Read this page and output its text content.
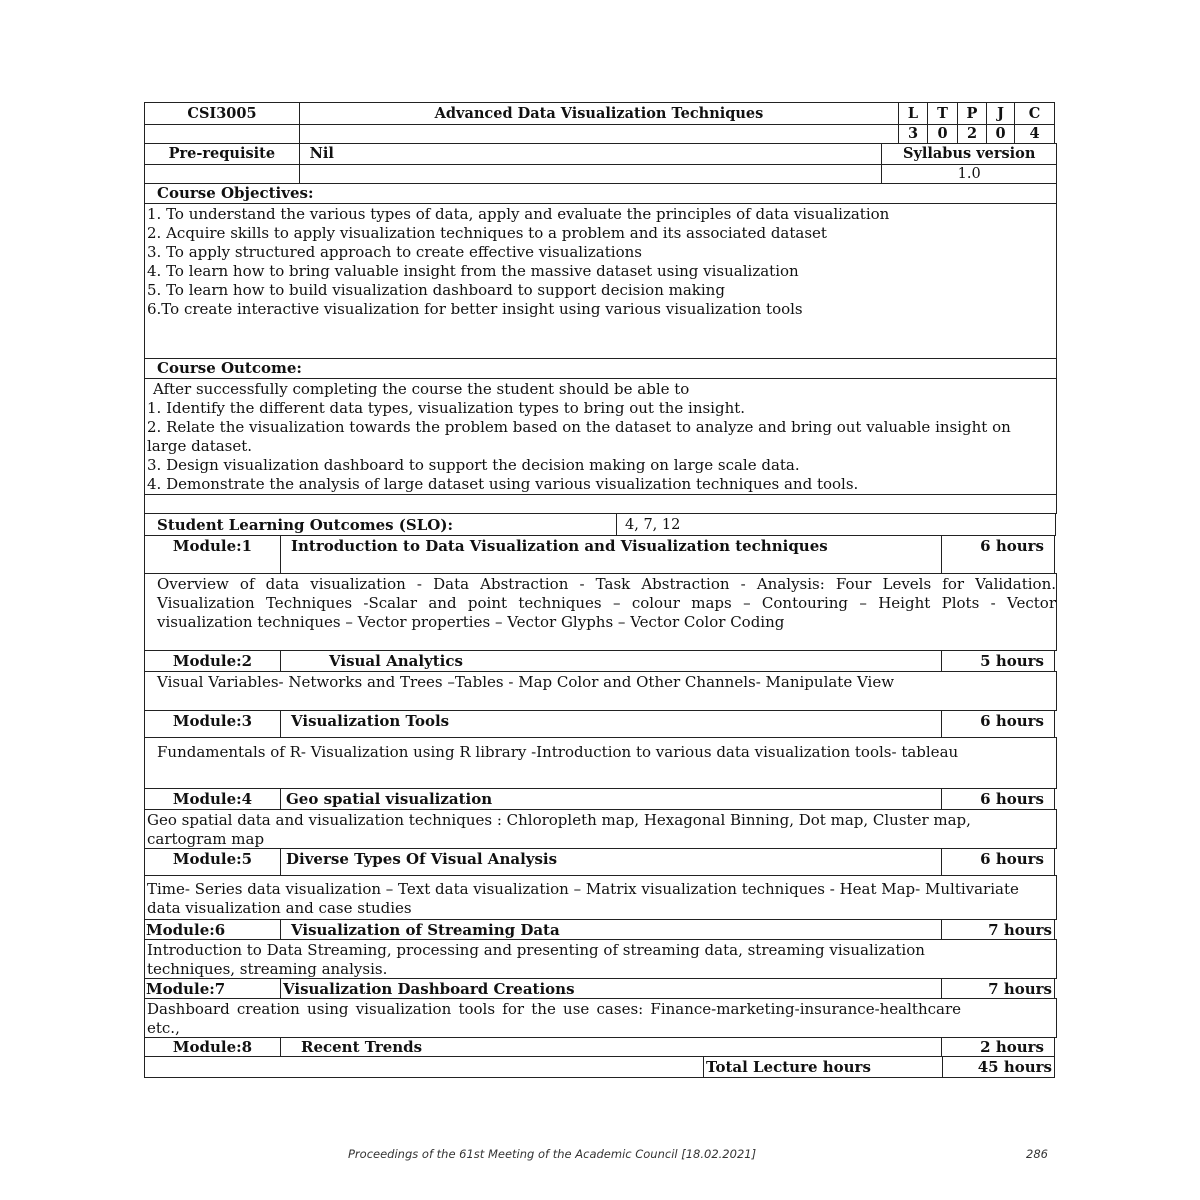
CSI3005	Advanced Data Visualization Techniques	L	T	P	J	C
3	0	2	0	4
Pre-requisite	Nil	Syllabus version
1.0
Course Objectives:
1. To understand the various types of data, apply and evaluate the principles of data visualization
2. Acquire skills to apply visualization techniques to a problem and its associated dataset
3. To apply structured approach to create effective visualizations
4. To learn how to bring valuable insight from the massive dataset using visualization
5. To learn how to build visualization dashboard to support decision making
6.To create interactive visualization for better insight using various visualization tools
Course Outcome:
After successfully completing the course the student should be able to
1. Identify the different data types, visualization types to bring out the insight.
2. Relate the visualization towards the problem based on the dataset to analyze and bring out valuable insight on large dataset.
3. Design visualization dashboard to support the decision making on large scale data.
4. Demonstrate the analysis of large dataset using various visualization techniques and tools.
Student Learning Outcomes (SLO):	4, 7, 12
Module:1	Introduction to Data Visualization and Visualization techniques	6 hours
Overview of data visualization - Data Abstraction - Task Abstraction - Analysis: Four Levels for Validation. Visualization Techniques -Scalar and point techniques – colour maps – Contouring – Height Plots - Vector visualization techniques – Vector properties – Vector Glyphs – Vector Color Coding
Module:2	Visual Analytics	5 hours
Visual Variables- Networks and Trees –Tables - Map Color and Other Channels- Manipulate View
Module:3	Visualization Tools	6 hours
Fundamentals of R- Visualization using R library -Introduction to various data visualization tools- tableau
Module:4	Geo spatial visualization	6 hours
Geo spatial data and visualization techniques : Chloropleth map, Hexagonal Binning, Dot map, Cluster map, cartogram map
Module:5	Diverse Types Of Visual Analysis	6 hours
Time- Series data visualization – Text data visualization – Matrix visualization techniques - Heat Map- Multivariate data visualization and case studies
Module:6	Visualization of Streaming Data	7 hours
Introduction to Data Streaming, processing and presenting of streaming data, streaming visualization techniques, streaming analysis.
Module:7	Visualization Dashboard Creations	7 hours
Dashboard creation using visualization tools for the use cases: Finance-marketing-insurance-healthcare etc.,
Module:8	Recent Trends	2 hours
Total Lecture hours	45 hours
Proceedings of the 61st Meeting of the Academic Council [18.02.2021]	286
